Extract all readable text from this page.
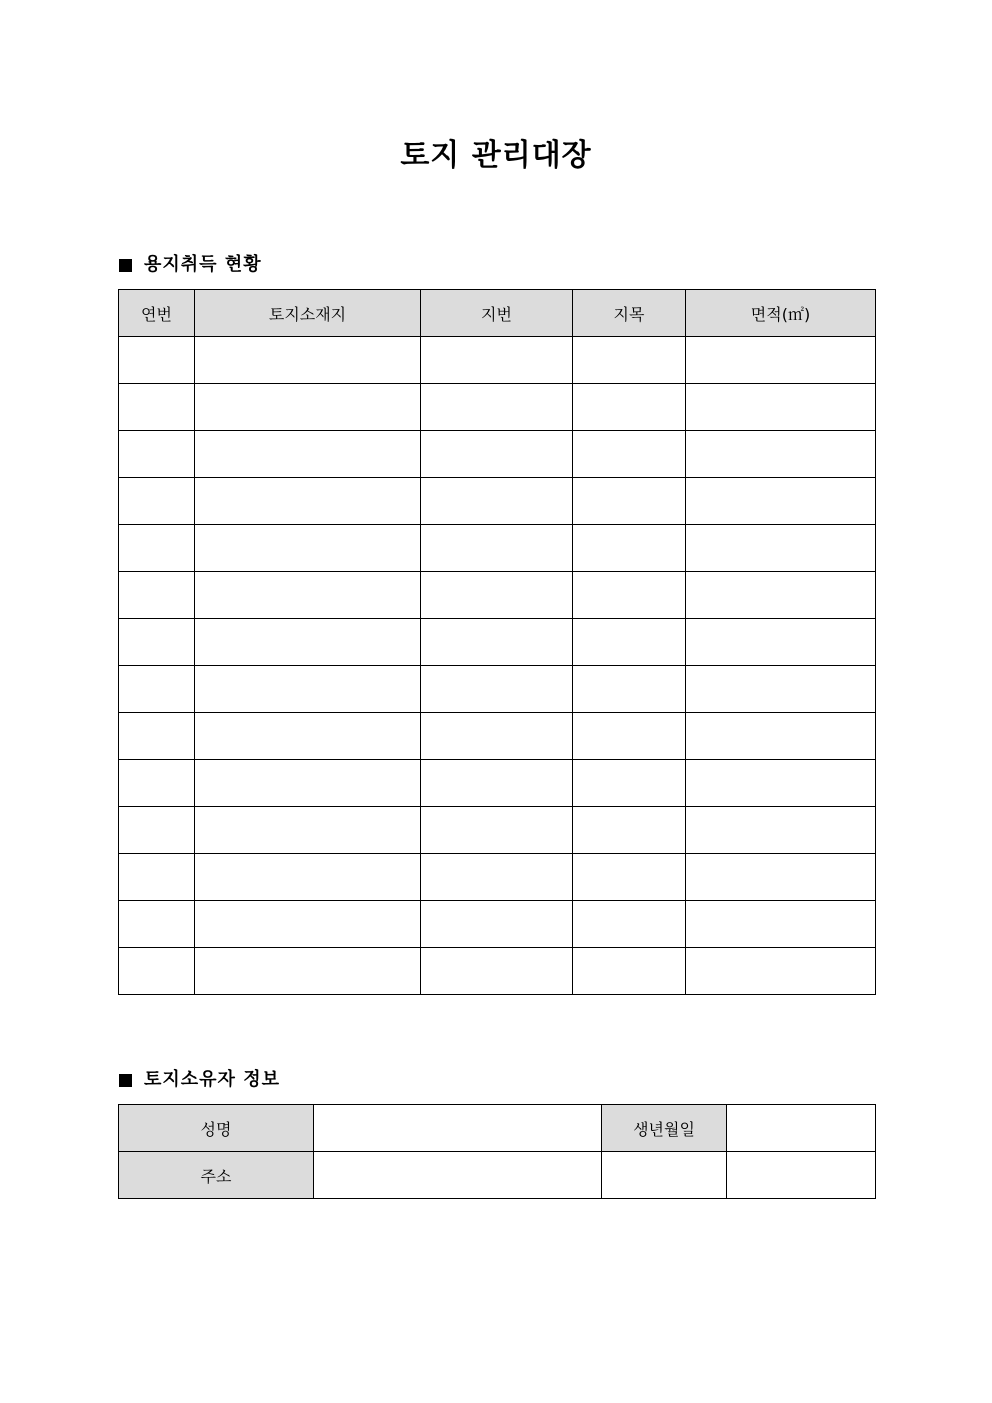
토지 관리대장
용지취득 현황
연번	토지소재지	지번	지목	면적(㎡)

토지소유자 정보
성명		생년월일	
주소			
